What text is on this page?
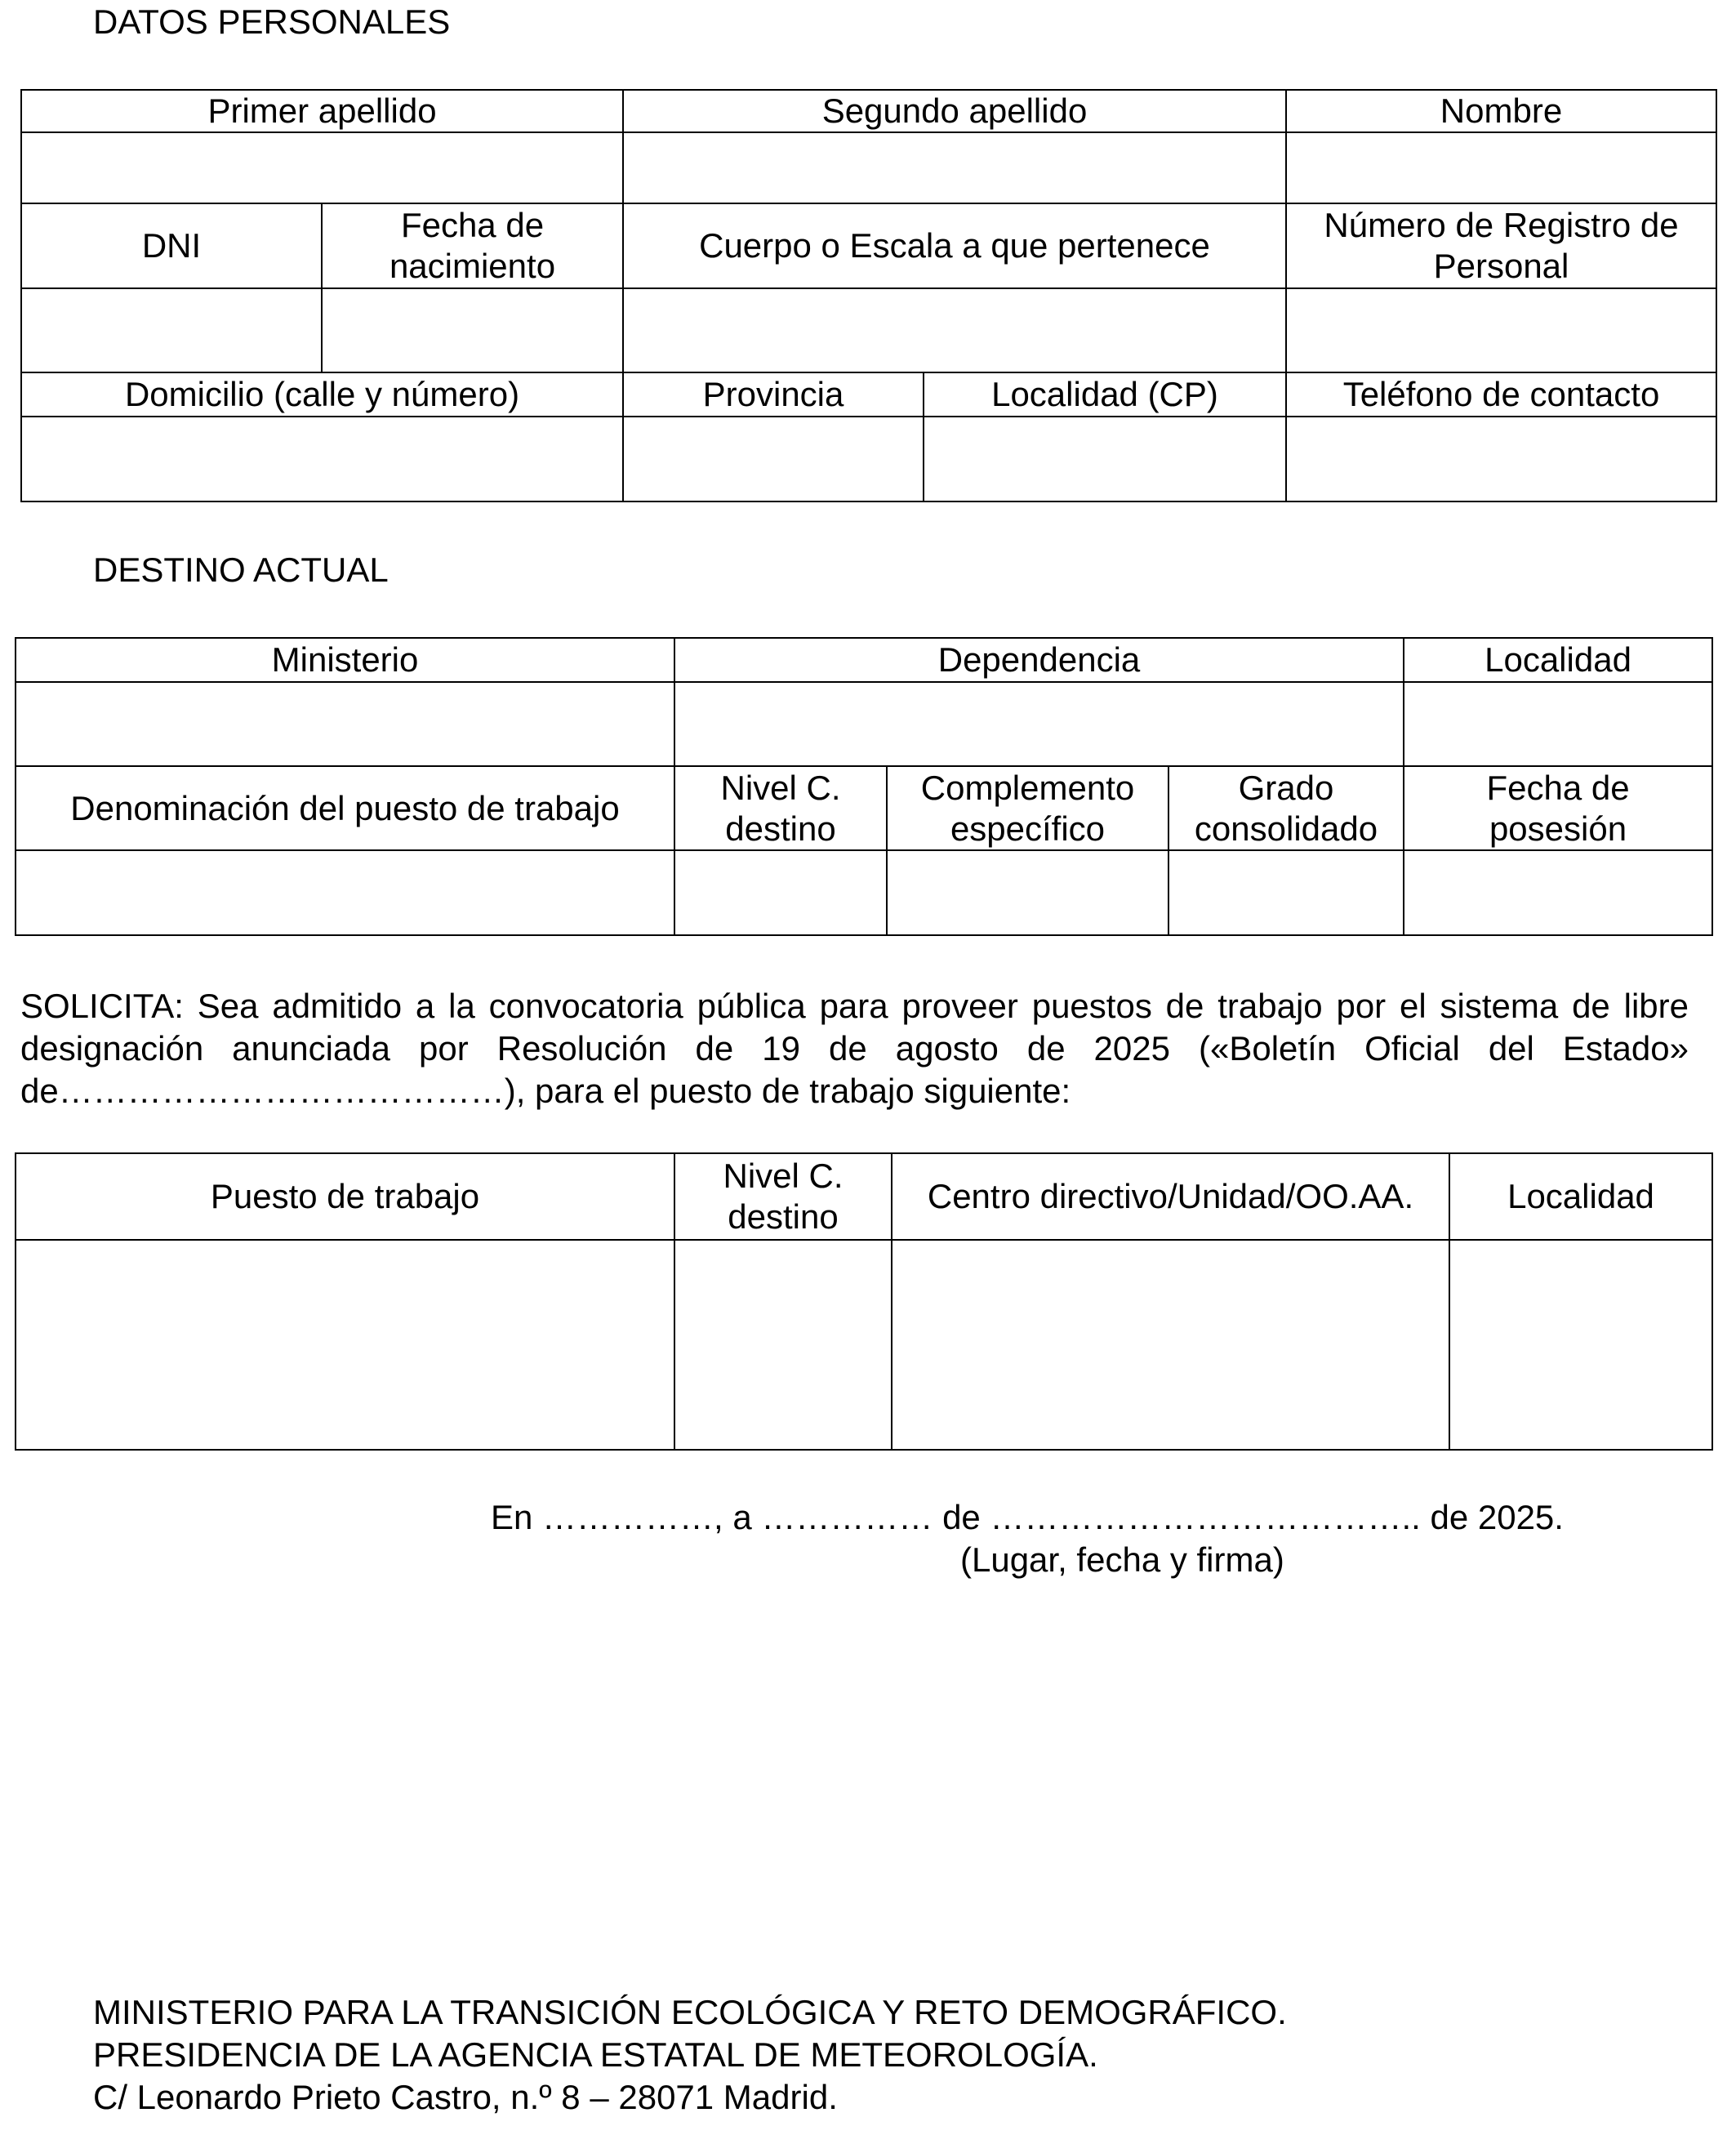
DATOS PERSONALES
Primer apellido		Segundo apellido		Nombre

DNI	Fecha de nacimiento	Cuerpo o Escala a que pertenece		Número de Registro de Personal

Domicilio (calle y número)		Provincia	Localidad (CP)	Teléfono de contacto

DESTINO ACTUAL
Ministerio	Dependencia			Localidad

Denominación del puesto de trabajo	Nivel C. destino	Complemento específico	Grado consolidado	Fecha de posesión

SOLICITA: Sea admitido a la convocatoria pública para proveer puestos de trabajo por el sistema de libre designación anunciada por Resolución de 19 de agosto de 2025 («Boletín Oficial del Estado» de…………………………………), para el puesto de trabajo siguiente:
Puesto de trabajo	Nivel C. destino	Centro directivo/Unidad/OO.AA.	Localidad

En ……………, a …………… de ……………………………….. de 2025.
(Lugar, fecha y firma)
MINISTERIO PARA LA TRANSICIÓN ECOLÓGICA Y RETO DEMOGRÁFICO.
PRESIDENCIA DE LA AGENCIA ESTATAL DE METEOROLOGÍA.
C/ Leonardo Prieto Castro, n.º 8 – 28071 Madrid.
